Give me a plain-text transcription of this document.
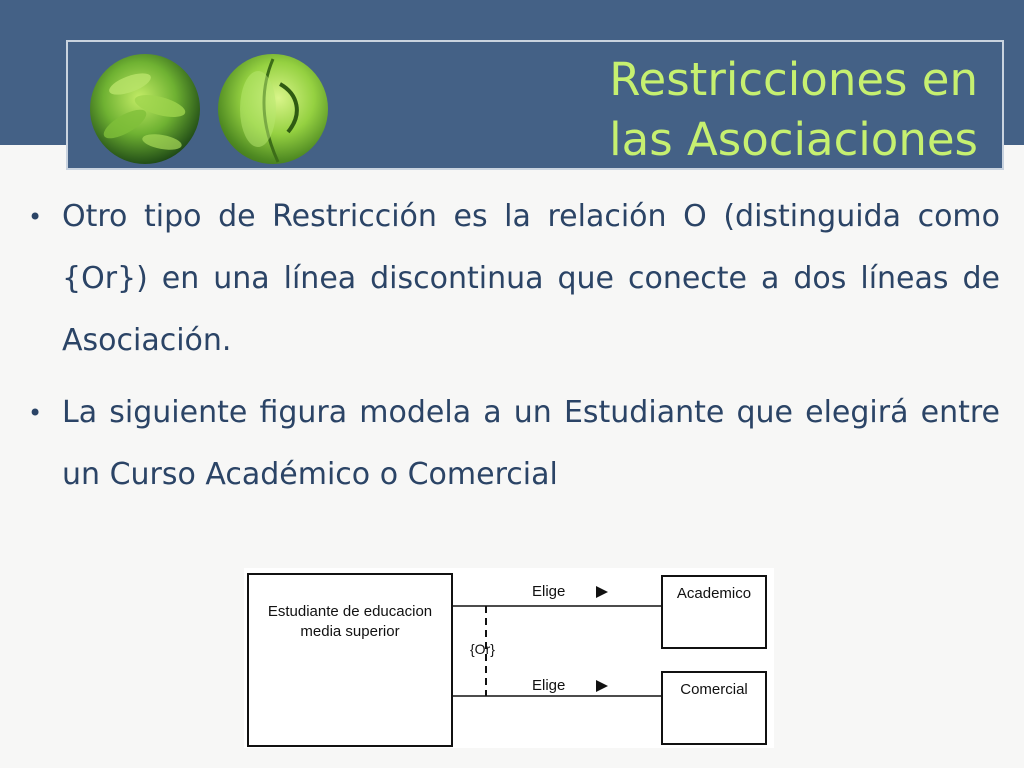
Restricciones en
las Asociaciones
• Otro tipo de Restricción es la relación O (distinguida como {Or}) en una línea discontinua que conecte a dos líneas de Asociación.
• La siguiente figura modela a un Estudiante que elegirá entre un Curso Académico o Comercial
Estudiante de educacion
media superior
Academico
Comercial
{Or}
Elige
Elige
